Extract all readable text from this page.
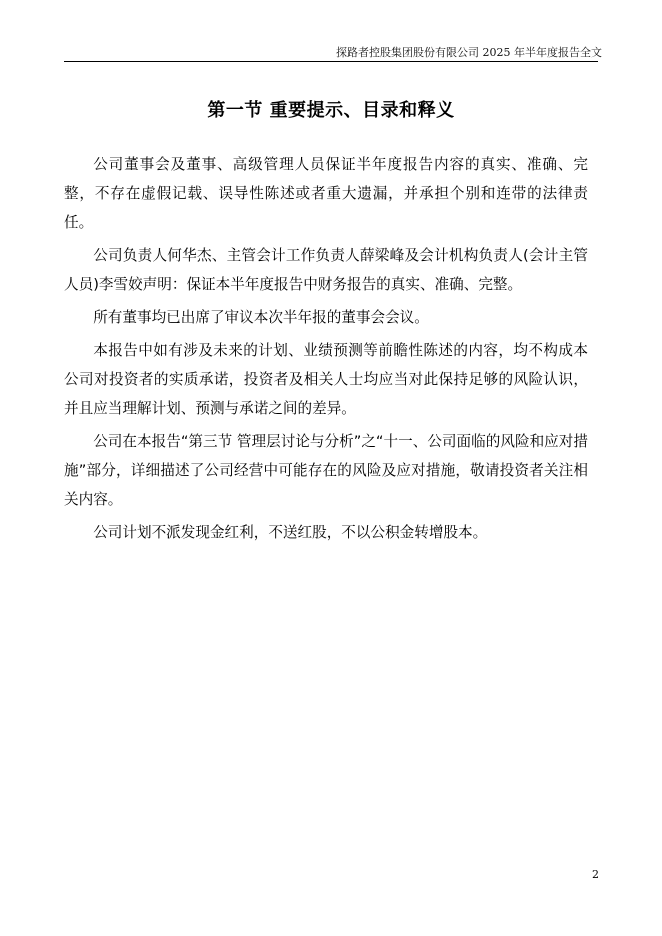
探路者控股集团股份有限公司 2025 年半年度报告全文
第一节 重要提示、目录和释义

公司董事会及董事、高级管理人员保证半年度报告内容的真实、准确、完整，不存在虚假记载、误导性陈述或者重大遗漏，并承担个别和连带的法律责任。

公司负责人何华杰、主管会计工作负责人薛梁峰及会计机构负责人(会计主管人员)李雪姣声明：保证本半年度报告中财务报告的真实、准确、完整。

所有董事均已出席了审议本次半年报的董事会会议。

本报告中如有涉及未来的计划、业绩预测等前瞻性陈述的内容，均不构成本公司对投资者的实质承诺，投资者及相关人士均应当对此保持足够的风险认识，并且应当理解计划、预测与承诺之间的差异。

公司在本报告“第三节 管理层讨论与分析”之“十一、公司面临的风险和应对措施”部分，详细描述了公司经营中可能存在的风险及应对措施，敬请投资者关注相关内容。

公司计划不派发现金红利，不送红股，不以公积金转增股本。

2
